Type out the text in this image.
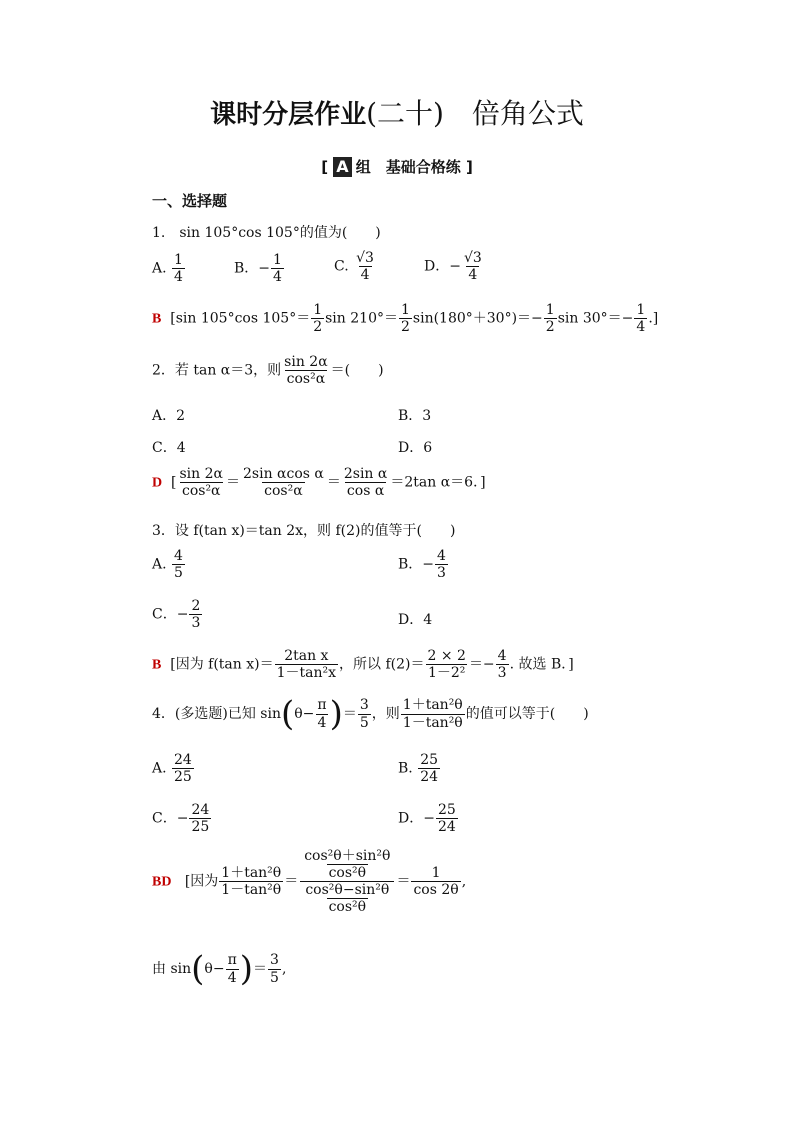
课时分层作业(二十)　倍角公式
[ A 组　基础合格练 ]
一、选择题
1.　sin 105°cos 105°的值为(　　)
A. $\frac{1}{4}$	B．− $\frac{1}{4}$	C. $\frac{√3}{4}$	D．− $\frac{√3}{4}$
B [sin 105°cos $105^\circ= \frac{1}{2}$ $\sin 210^\circ= \frac{1}{2} \sin(180^\circ+30^\circ)=- \frac{1}{2}$ $\sin 30^\circ=- \frac{1}{4}$ .]
2．若 tan α＝3，则 $\frac{\sin 2\alpha}{\text{cos²α}}$ ＝(　　)
A．2	B．3
C．4	D．6
D [ $\frac{\sin 2\alpha}{\text{cos²α}} = \frac{\text{2sin αcos α}}{\text{cos²α}} = \frac{\text{2sin α}}{\text{cos α}} =2\tan$ α＝6．]
3．设 f(tan x)＝tan 2x，则 f(2)的值等于(　　)
A. $\frac{4}{5}$	B．− $\frac{4}{3}$
C．− $\frac{2}{3}$	D．4
B [因为 f(tan $x)= \frac{\text{2tan x}}{\text{1－tan²x}}$ ，所以 $f(2)= \frac{2 \times 2}{\text{1－2²}} =- \frac{4}{3}$ . 故选 B．]
4．(多选题)已知 $\sin(\theta- \frac{\pi}{4}$ )＝ $\frac{3}{5}$ ，则 $\frac{\text{1＋tan²θ}}{\text{1－tan²θ}}$ 的值可以等于(　　)
A. $\frac{24}{25}$	B. $\frac{25}{24}$
C．− $\frac{24}{25}$	D．− $\frac{25}{24}$
BD [因为 $\frac{\text{1＋tan²θ}}{\text{1－tan²θ}} = \frac{\frac{\text{cos²θ＋sin²θ}}{\text{cos²θ}}}{\frac{\text{cos²θ−sin²θ}}{\text{cos²θ}}} = \frac{1}{\cos 2\theta}$ ,
由 $\sin(\theta- \frac{\pi}{4}$ )＝ $\frac{3}{5}$ ,
